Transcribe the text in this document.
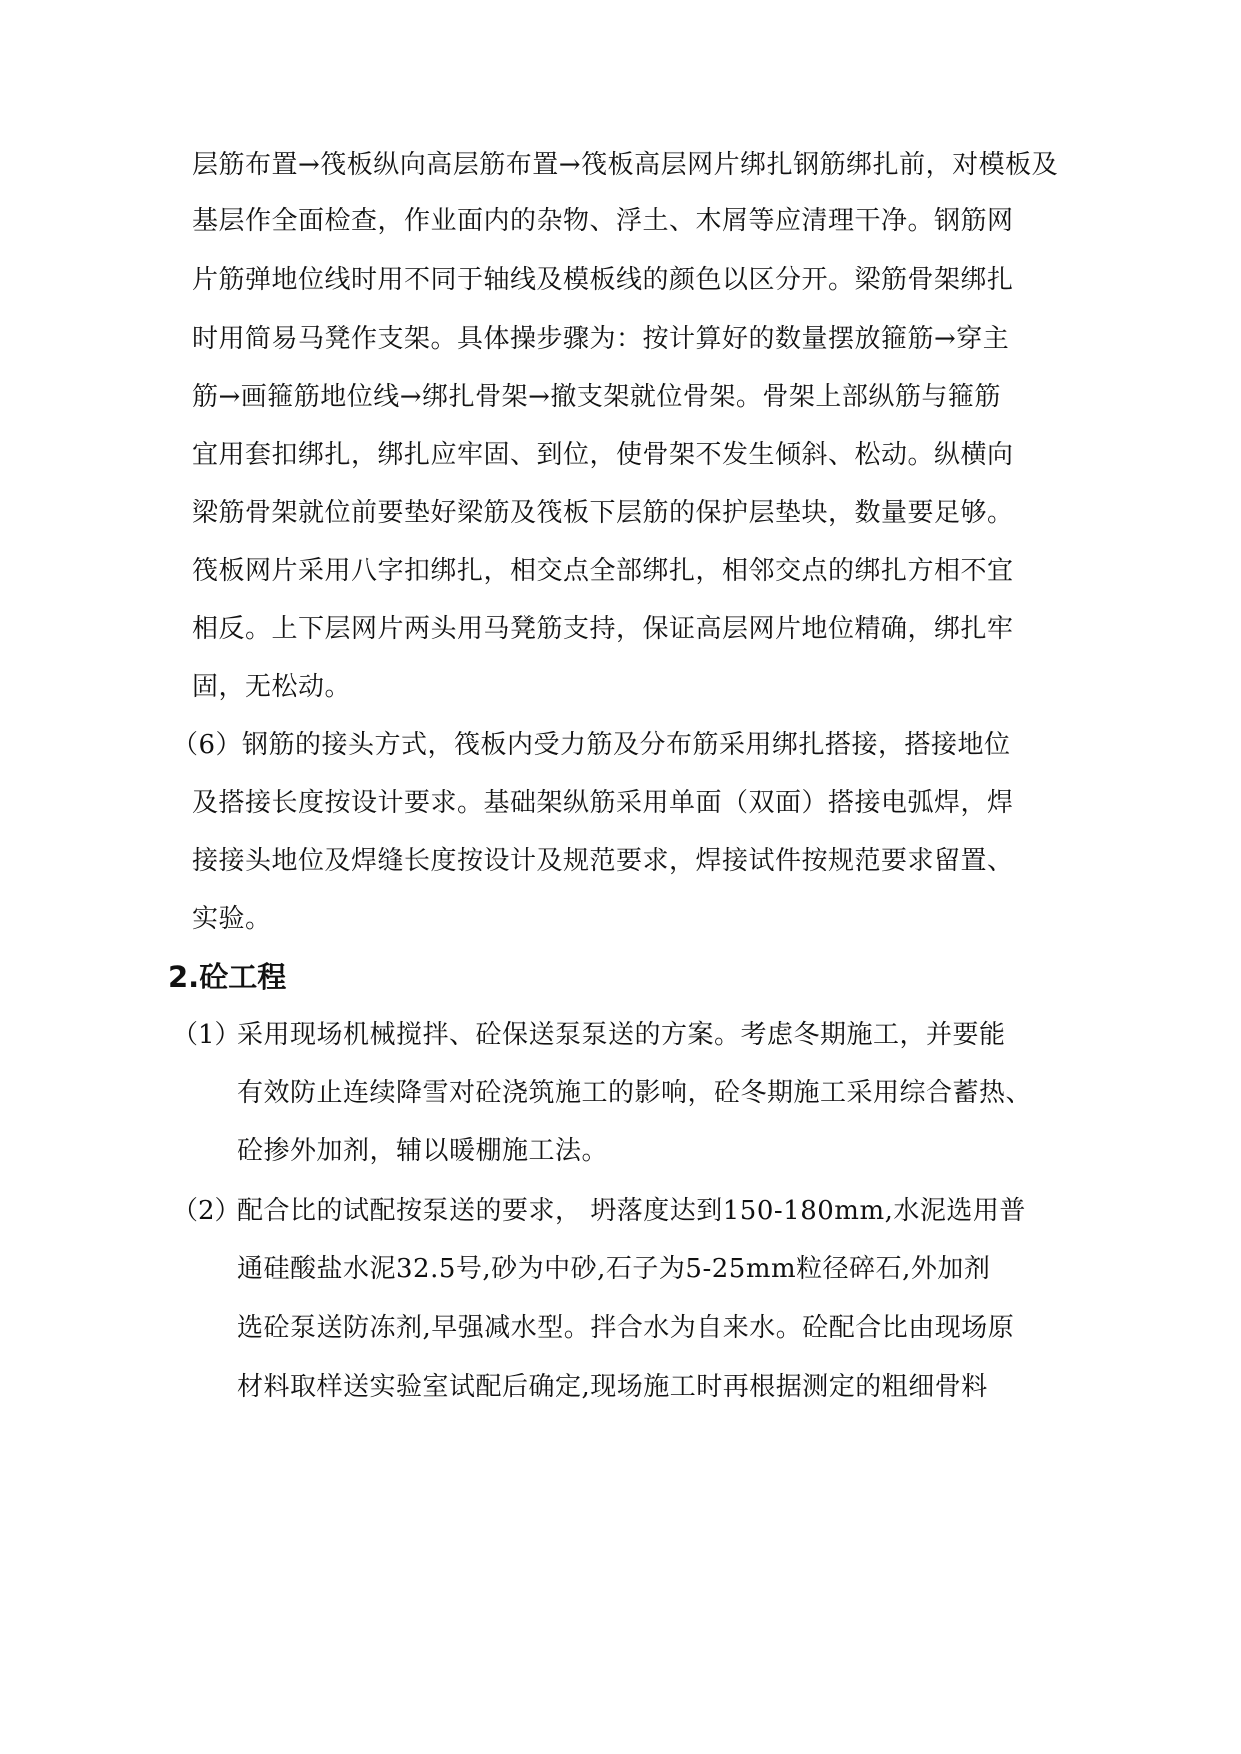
层筋布置→筏板纵向高层筋布置→筏板高层网片绑扎钢筋绑扎前，对模板及
基层作全面检查，作业面内的杂物、浮土、木屑等应清理干净。钢筋网
片筋弹地位线时用不同于轴线及模板线的颜色以区分开。梁筋骨架绑扎
时用简易马凳作支架。具体操步骤为：按计算好的数量摆放箍筋→穿主
筋→画箍筋地位线→绑扎骨架→撤支架就位骨架。骨架上部纵筋与箍筋
宜用套扣绑扎，绑扎应牢固、到位，使骨架不发生倾斜、松动。纵横向
梁筋骨架就位前要垫好梁筋及筏板下层筋的保护层垫块，数量要足够。
筏板网片采用八字扣绑扎，相交点全部绑扎，相邻交点的绑扎方相不宜
相反。上下层网片两头用马凳筋支持，保证高层网片地位精确，绑扎牢
固，无松动。
（6）钢筋的接头方式，筏板内受力筋及分布筋采用绑扎搭接，搭接地位
及搭接长度按设计要求。基础架纵筋采用单面（双面）搭接电弧焊，焊
接接头地位及焊缝长度按设计及规范要求，焊接试件按规范要求留置、
实验。
2.砼工程
（1）
采用现场机械搅拌、砼保送泵泵送的方案。考虑冬期施工，并要能
有效防止连续降雪对砼浇筑施工的影响，砼冬期施工采用综合蓄热、
砼掺外加剂，辅以暖棚施工法。
（2）
配合比的试配按泵送的要求， 坍落度达到150-180mm,水泥选用普
通硅酸盐水泥32.5号,砂为中砂,石子为5-25mm粒径碎石,外加剂
选砼泵送防冻剂,早强减水型。拌合水为自来水。砼配合比由现场原
材料取样送实验室试配后确定,现场施工时再根据测定的粗细骨料
